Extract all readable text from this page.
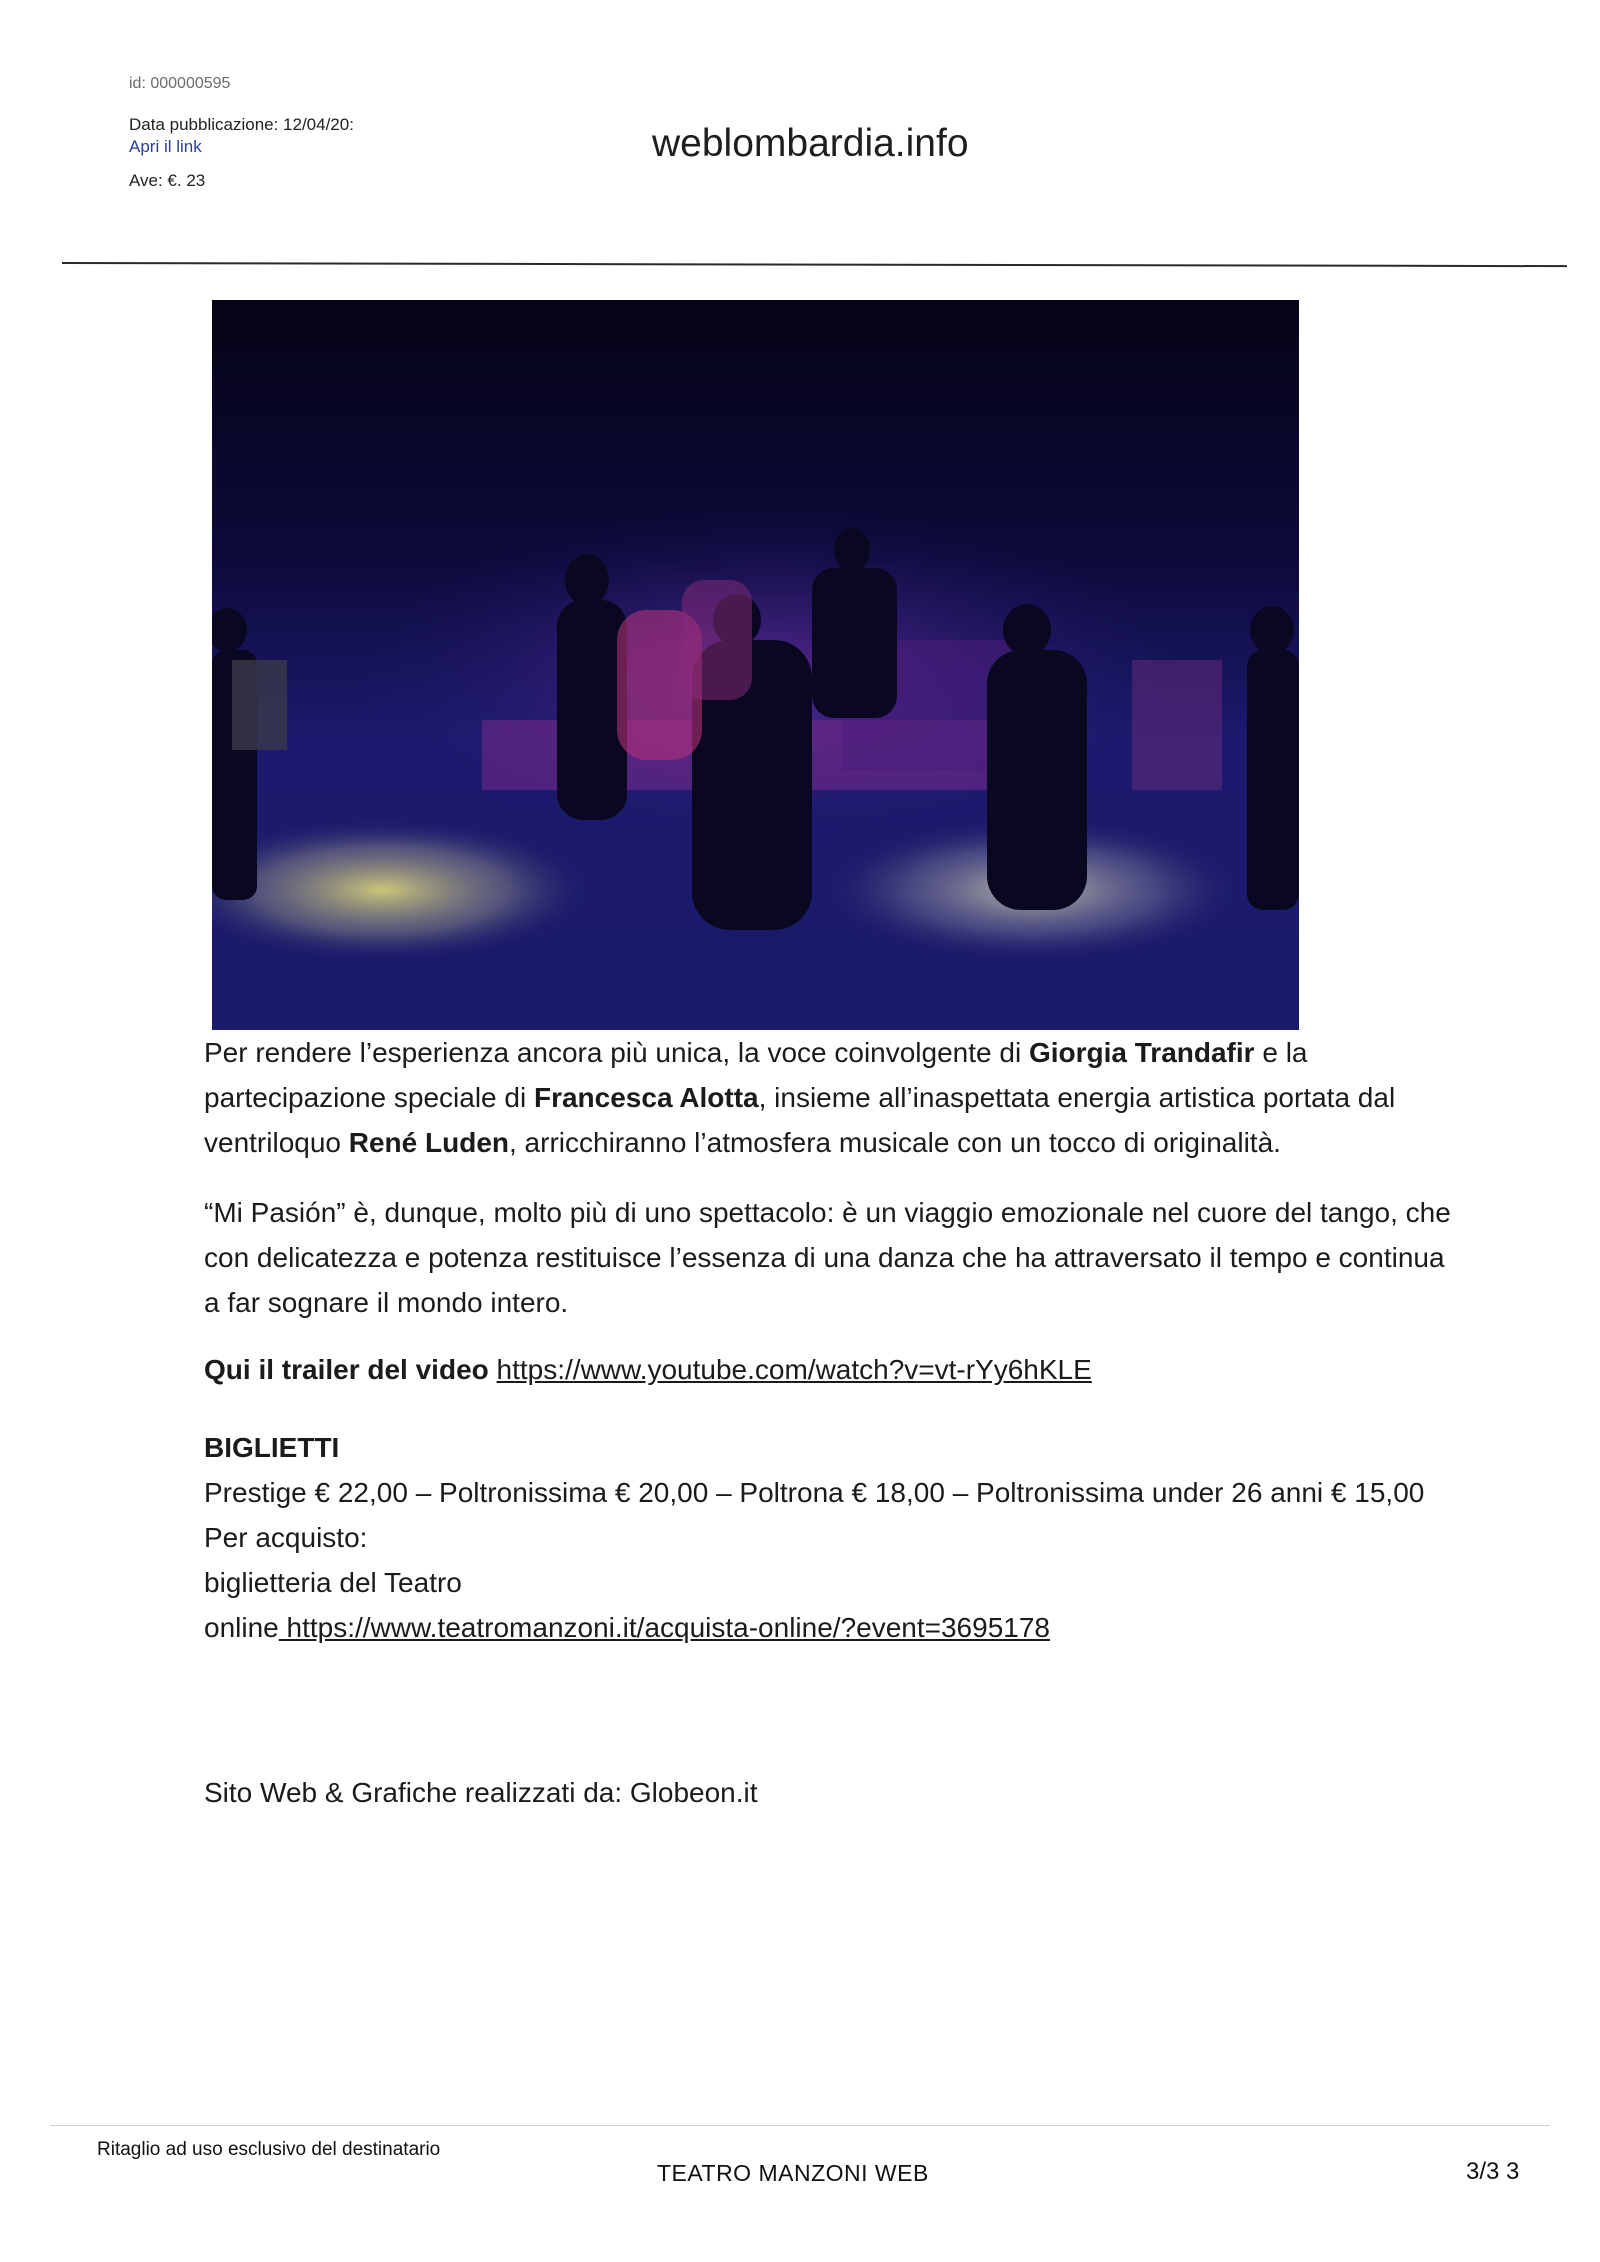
id: 000000595
Data pubblicazione: 12/04/20:
Apri il link
Ave: €. 23
weblombardia.info

Per rendere l’esperienza ancora più unica, la voce coinvolgente di Giorgia Trandafir e la partecipazione speciale di Francesca Alotta, insieme all’inaspettata energia artistica portata dal ventriloquo René Luden, arricchiranno l’atmosfera musicale con un tocco di originalità.

“Mi Pasión” è, dunque, molto più di uno spettacolo: è un viaggio emozionale nel cuore del tango, che con delicatezza e potenza restituisce l’essenza di una danza che ha attraversato il tempo e continua a far sognare il mondo intero.

Qui il trailer del video https://www.youtube.com/watch?v=vt-rYy6hKLE

BIGLIETTI

Prestige € 22,00 – Poltronissima € 20,00 – Poltrona € 18,00 – Poltronissima under 26 anni € 15,00

Per acquisto:

biglietteria del Teatro

online https://www.teatromanzoni.it/acquista-online/?event=3695178

Sito Web & Grafiche realizzati da: Globeon.it

Ritaglio ad uso esclusivo del destinatario
TEATRO MANZONI WEB	3/3 3
